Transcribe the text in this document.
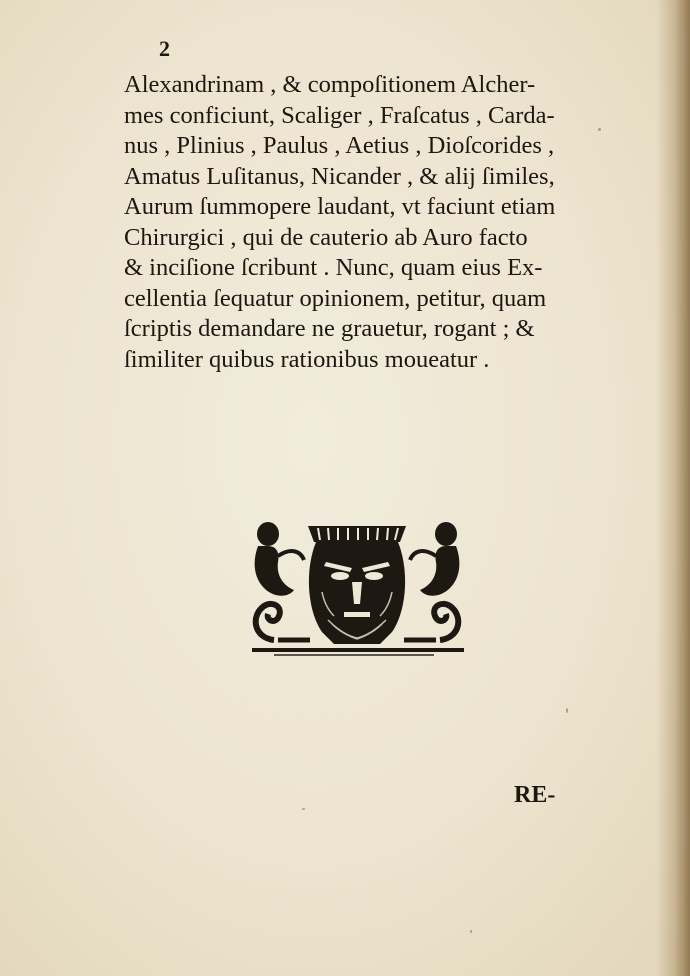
2
Alexandrinam , & compoſitionem Alcher-
mes conficiunt, Scaliger , Fraſcatus , Carda-
nus , Plinius , Paulus , Aetius , Dioſcorides ,
Amatus Luſitanus, Nicander , & alij ſimiles,
Aurum ſummopere laudant, vt faciunt etiam
Chirurgici , qui de cauterio ab Auro facto
& inciſione ſcribunt . Nunc, quam eius Ex-
cellentia ſequatur opinionem, petitur, quam
ſcriptis demandare ne grauetur, rogant ; &
ſimiliter quibus rationibus moueatur .
RE-
